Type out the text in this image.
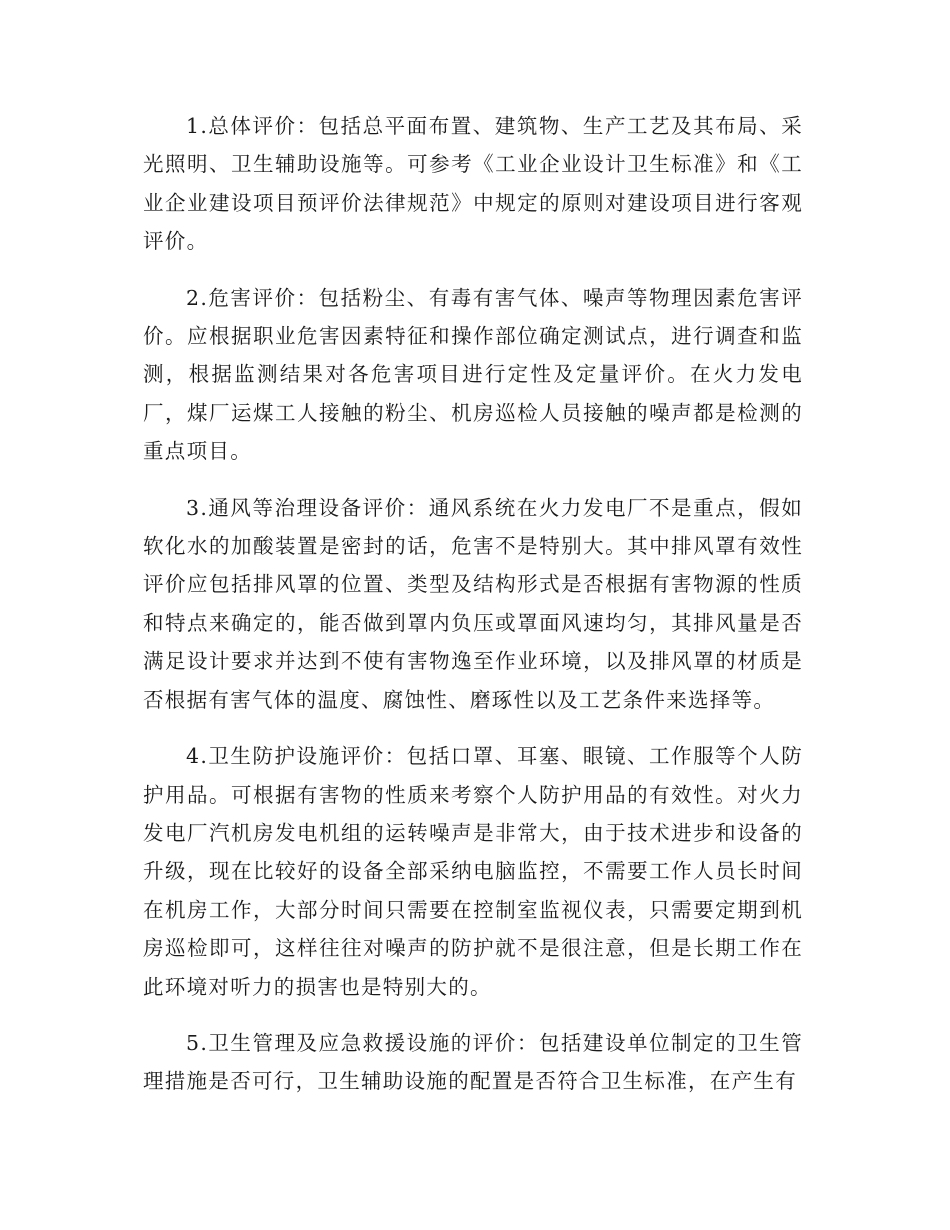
1.总体评价：包括总平面布置、建筑物、生产工艺及其布局、采光照明、卫生辅助设施等。可参考《工业企业设计卫生标准》和《工业企业建设项目预评价法律规范》中规定的原则对建设项目进行客观评价。

2.危害评价：包括粉尘、有毒有害气体、噪声等物理因素危害评价。应根据职业危害因素特征和操作部位确定测试点，进行调查和监测，根据监测结果对各危害项目进行定性及定量评价。在火力发电厂，煤厂运煤工人接触的粉尘、机房巡检人员接触的噪声都是检测的重点项目。

3.通风等治理设备评价：通风系统在火力发电厂不是重点，假如软化水的加酸装置是密封的话，危害不是特别大。其中排风罩有效性评价应包括排风罩的位置、类型及结构形式是否根据有害物源的性质和特点来确定的，能否做到罩内负压或罩面风速均匀，其排风量是否满足设计要求并达到不使有害物逸至作业环境，以及排风罩的材质是否根据有害气体的温度、腐蚀性、磨琢性以及工艺条件来选择等。

4.卫生防护设施评价：包括口罩、耳塞、眼镜、工作服等个人防护用品。可根据有害物的性质来考察个人防护用品的有效性。对火力发电厂汽机房发电机组的运转噪声是非常大，由于技术进步和设备的升级，现在比较好的设备全部采纳电脑监控，不需要工作人员长时间在机房工作，大部分时间只需要在控制室监视仪表，只需要定期到机房巡检即可，这样往往对噪声的防护就不是很注意，但是长期工作在此环境对听力的损害也是特别大的。

5.卫生管理及应急救援设施的评价：包括建设单位制定的卫生管理措施是否可行，卫生辅助设施的配置是否符合卫生标准，在产生有
